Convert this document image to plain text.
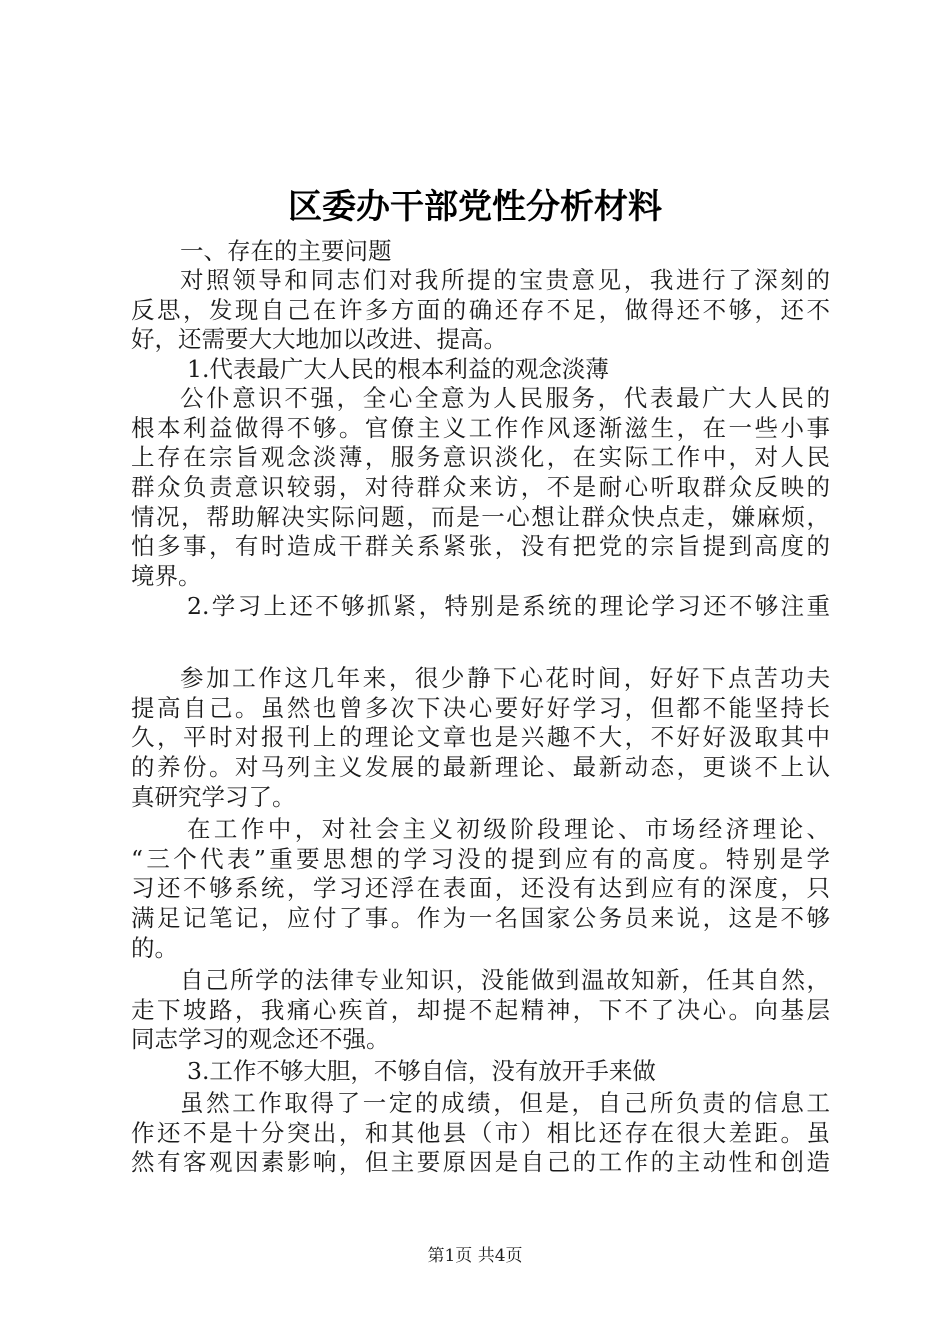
区委办干部党性分析材料
一、存在的主要问题
对照领导和同志们对我所提的宝贵意见，我进行了深刻的
反思，发现自己在许多方面的确还存不足，做得还不够，还不
好，还需要大大地加以改进、提高。
1.代表最广大人民的根本利益的观念淡薄
公仆意识不强，全心全意为人民服务，代表最广大人民的
根本利益做得不够。官僚主义工作作风逐渐滋生，在一些小事
上存在宗旨观念淡薄，服务意识淡化，在实际工作中，对人民
群众负责意识较弱，对待群众来访，不是耐心听取群众反映的
情况，帮助解决实际问题，而是一心想让群众快点走，嫌麻烦，
怕多事，有时造成干群关系紧张，没有把党的宗旨提到高度的
境界。
2.学习上还不够抓紧，特别是系统的理论学习还不够注重
参加工作这几年来，很少静下心花时间，好好下点苦功夫
提高自己。虽然也曾多次下决心要好好学习，但都不能坚持长
久，平时对报刊上的理论文章也是兴趣不大，不好好汲取其中
的养份。对马列主义发展的最新理论、最新动态，更谈不上认
真研究学习了。
在工作中，对社会主义初级阶段理论、市场经济理论、
“三个代表”重要思想的学习没的提到应有的高度。特别是学
习还不够系统，学习还浮在表面，还没有达到应有的深度，只
满足记笔记，应付了事。作为一名国家公务员来说，这是不够
的。
自己所学的法律专业知识，没能做到温故知新，任其自然，
走下坡路，我痛心疾首，却提不起精神，下不了决心。向基层
同志学习的观念还不强。
3.工作不够大胆，不够自信，没有放开手来做
虽然工作取得了一定的成绩，但是，自己所负责的信息工
作还不是十分突出，和其他县（市）相比还存在很大差距。虽
然有客观因素影响，但主要原因是自己的工作的主动性和创造
第1页 共4页
